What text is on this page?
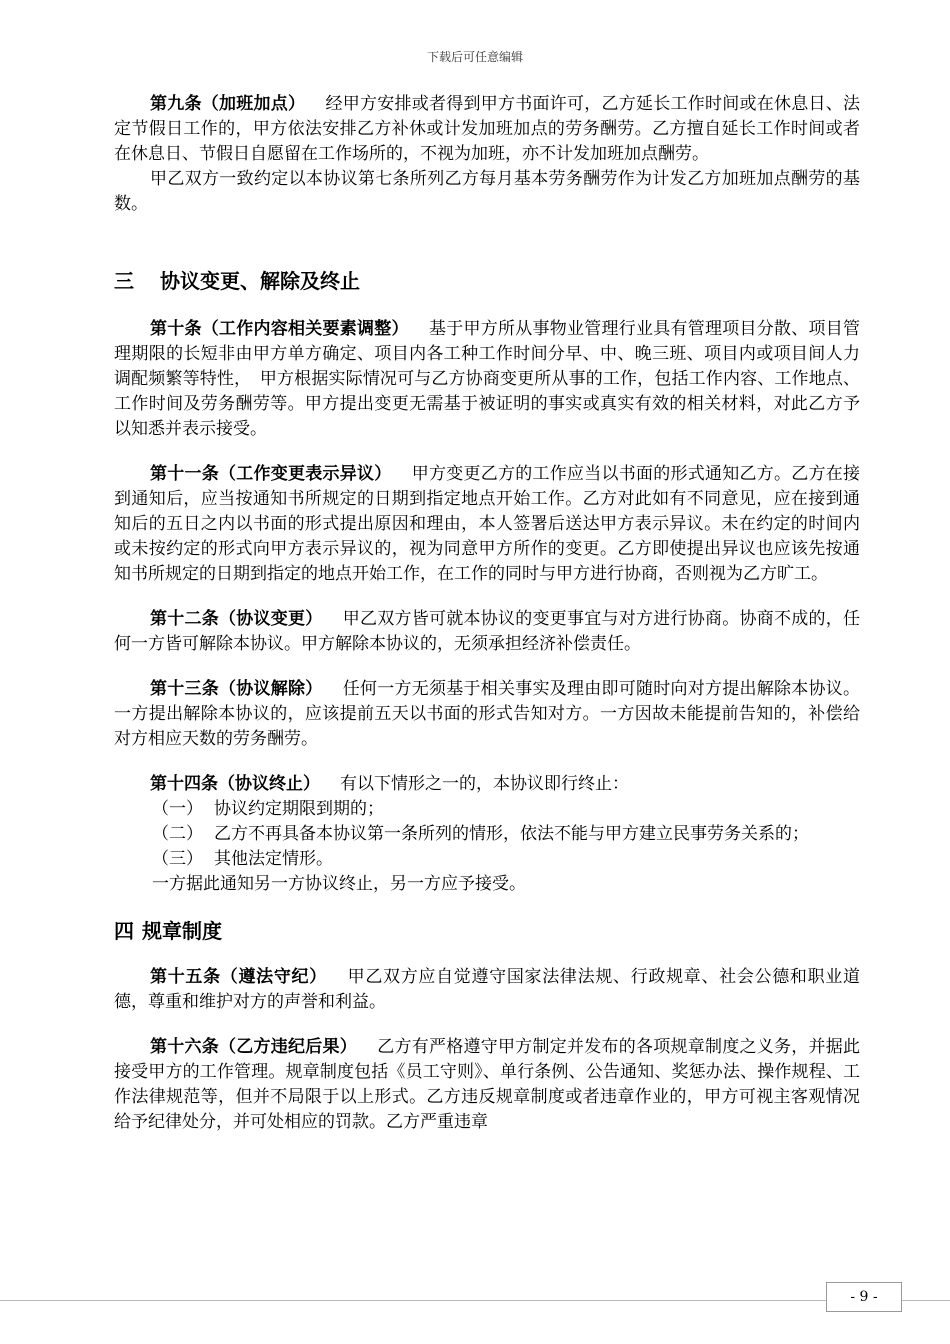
下载后可任意编辑

第九条（加班加点） 经甲方安排或者得到甲方书面许可，乙方延长工作时间或在休息日、法定节假日工作的，甲方依法安排乙方补休或计发加班加点的劳务酬劳。乙方擅自延长工作时间或者在休息日、节假日自愿留在工作场所的，不视为加班，亦不计发加班加点酬劳。

甲乙双方一致约定以本协议第七条所列乙方每月基本劳务酬劳作为计发乙方加班加点酬劳的基数。

三 协议变更、解除及终止

第十条（工作内容相关要素调整） 基于甲方所从事物业管理行业具有管理项目分散、项目管理期限的长短非由甲方单方确定、项目内各工种工作时间分早、中、晚三班、项目内或项目间人力调配频繁等特性，　甲方根据实际情况可与乙方协商变更所从事的工作，包括工作内容、工作地点、工作时间及劳务酬劳等。甲方提出变更无需基于被证明的事实或真实有效的相关材料，对此乙方予以知悉并表示接受。

第十一条（工作变更表示异议） 甲方变更乙方的工作应当以书面的形式通知乙方。乙方在接到通知后，应当按通知书所规定的日期到指定地点开始工作。乙方对此如有不同意见，应在接到通知后的五日之内以书面的形式提出原因和理由，本人签署后送达甲方表示异议。未在约定的时间内或未按约定的形式向甲方表示异议的，视为同意甲方所作的变更。乙方即使提出异议也应该先按通知书所规定的日期到指定的地点开始工作，在工作的同时与甲方进行协商，否则视为乙方旷工。

第十二条（协议变更） 甲乙双方皆可就本协议的变更事宜与对方进行协商。协商不成的，任何一方皆可解除本协议。甲方解除本协议的，无须承担经济补偿责任。

第十三条（协议解除） 任何一方无须基于相关事实及理由即可随时向对方提出解除本协议。一方提出解除本协议的，应该提前五天以书面的形式告知对方。一方因故未能提前告知的，补偿给对方相应天数的劳务酬劳。

第十四条（协议终止） 有以下情形之一的，本协议即行终止：

（一） 协议约定期限到期的；
（二） 乙方不再具备本协议第一条所列的情形，依法不能与甲方建立民事劳务关系的；
（三） 其他法定情形。

一方据此通知另一方协议终止，另一方应予接受。

四 规章制度

第十五条（遵法守纪） 甲乙双方应自觉遵守国家法律法规、行政规章、社会公德和职业道德，尊重和维护对方的声誉和利益。

第十六条（乙方违纪后果） 乙方有严格遵守甲方制定并发布的各项规章制度之义务，并据此接受甲方的工作管理。规章制度包括《员工守则》、单行条例、公告通知、奖惩办法、操作规程、工作法律规范等，但并不局限于以上形式。乙方违反规章制度或者违章作业的，甲方可视主客观情况给予纪律处分，并可处相应的罚款。乙方严重违章

- 9 -
